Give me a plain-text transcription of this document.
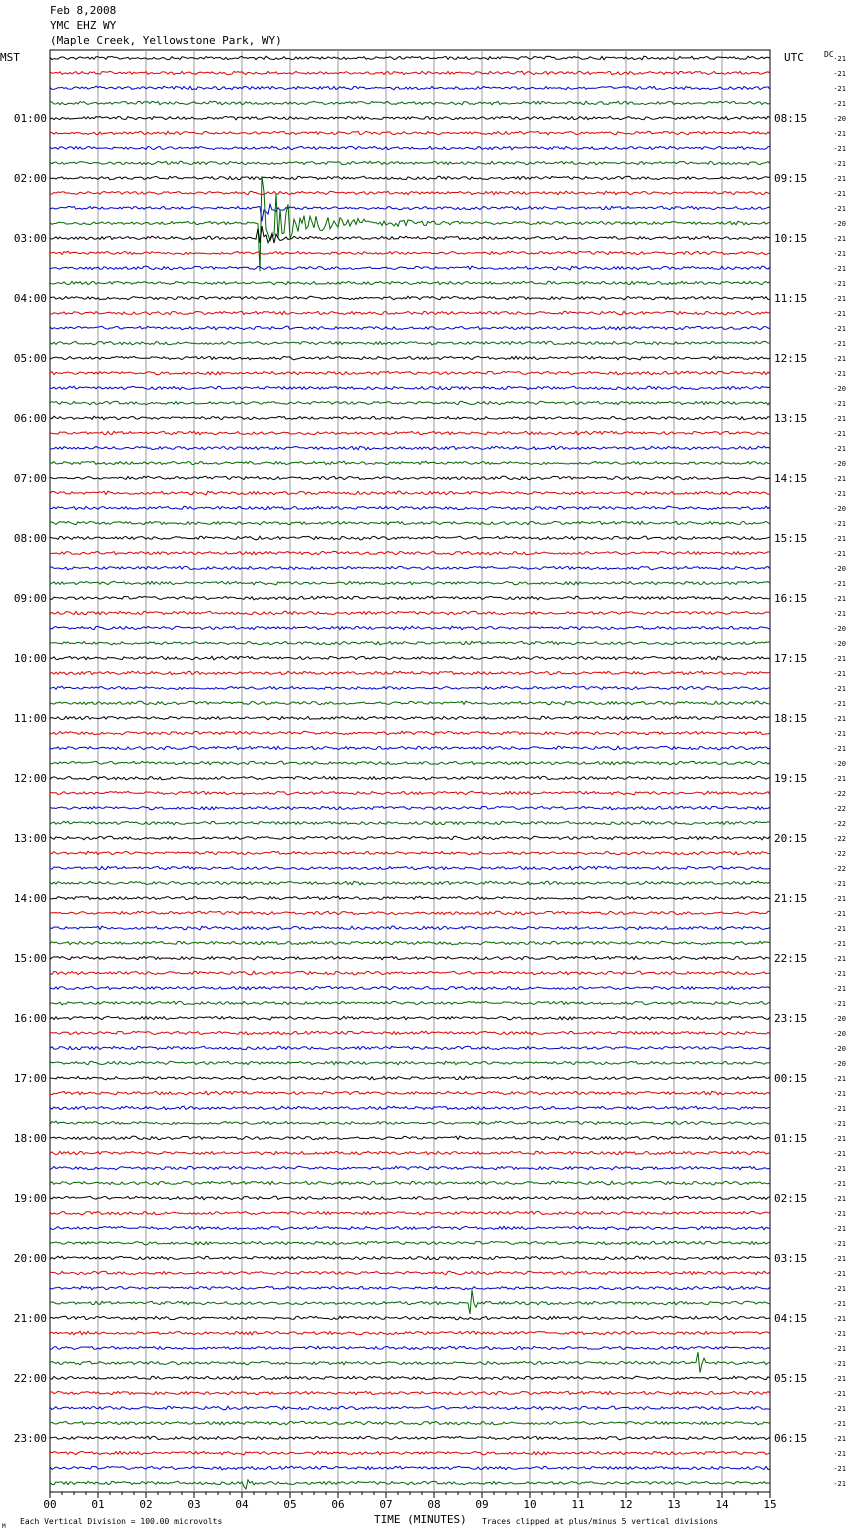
00	01	02	03	04	05	06	07	08	09	10	11	12	13	14	15
MST	UTC	DC -21
-21
-21
-21
-20
-21
-21
-21
-21
-21
-21
-20
-21
-21
-21
-21
-21
-21
-21
-21
-21
-21
-20
-21
-21
-21
-21
-20
-21
-21
-20
-21
-21
-21
-20
-21
-21
-21
-20
-20
-21
-21
-21
-21
-21
-21
-21
-20
-21
-22
-22
-22
-22
-22
-22
-21
-21
-21
-21
-21
-21
-21
-21
-21
-20
-20
-20
-20
-21
-21
-21
-21
-21
-21
-21
-21
-21
-21
-21
-21
-21
-21
-21
-21
-21
-21
-21
-21
-21
-21
-21
-21
-21
-21
-21
-21
01:00
02:00
03:00
04:00
05:00
06:00
07:00
08:00
09:00
10:00
11:00
12:00
13:00
14:00
15:00
16:00
17:00
18:00
19:00
20:00
21:00
22:00
23:00
08:15
09:15
10:15
11:15
12:15
13:15
14:15
15:15
16:15
17:15
18:15
19:15
20:15
21:15
22:15
23:15
00:15
01:15
02:15
03:15
04:15
05:15
06:15
Each Vertical Division = 100.00 microvolts	TIME (MINUTES) Traces clipped at plus/minus 5 vertical divisions
M
Feb 8,2008
YMC EHZ WY
(Maple Creek, Yellowstone Park, WY)
